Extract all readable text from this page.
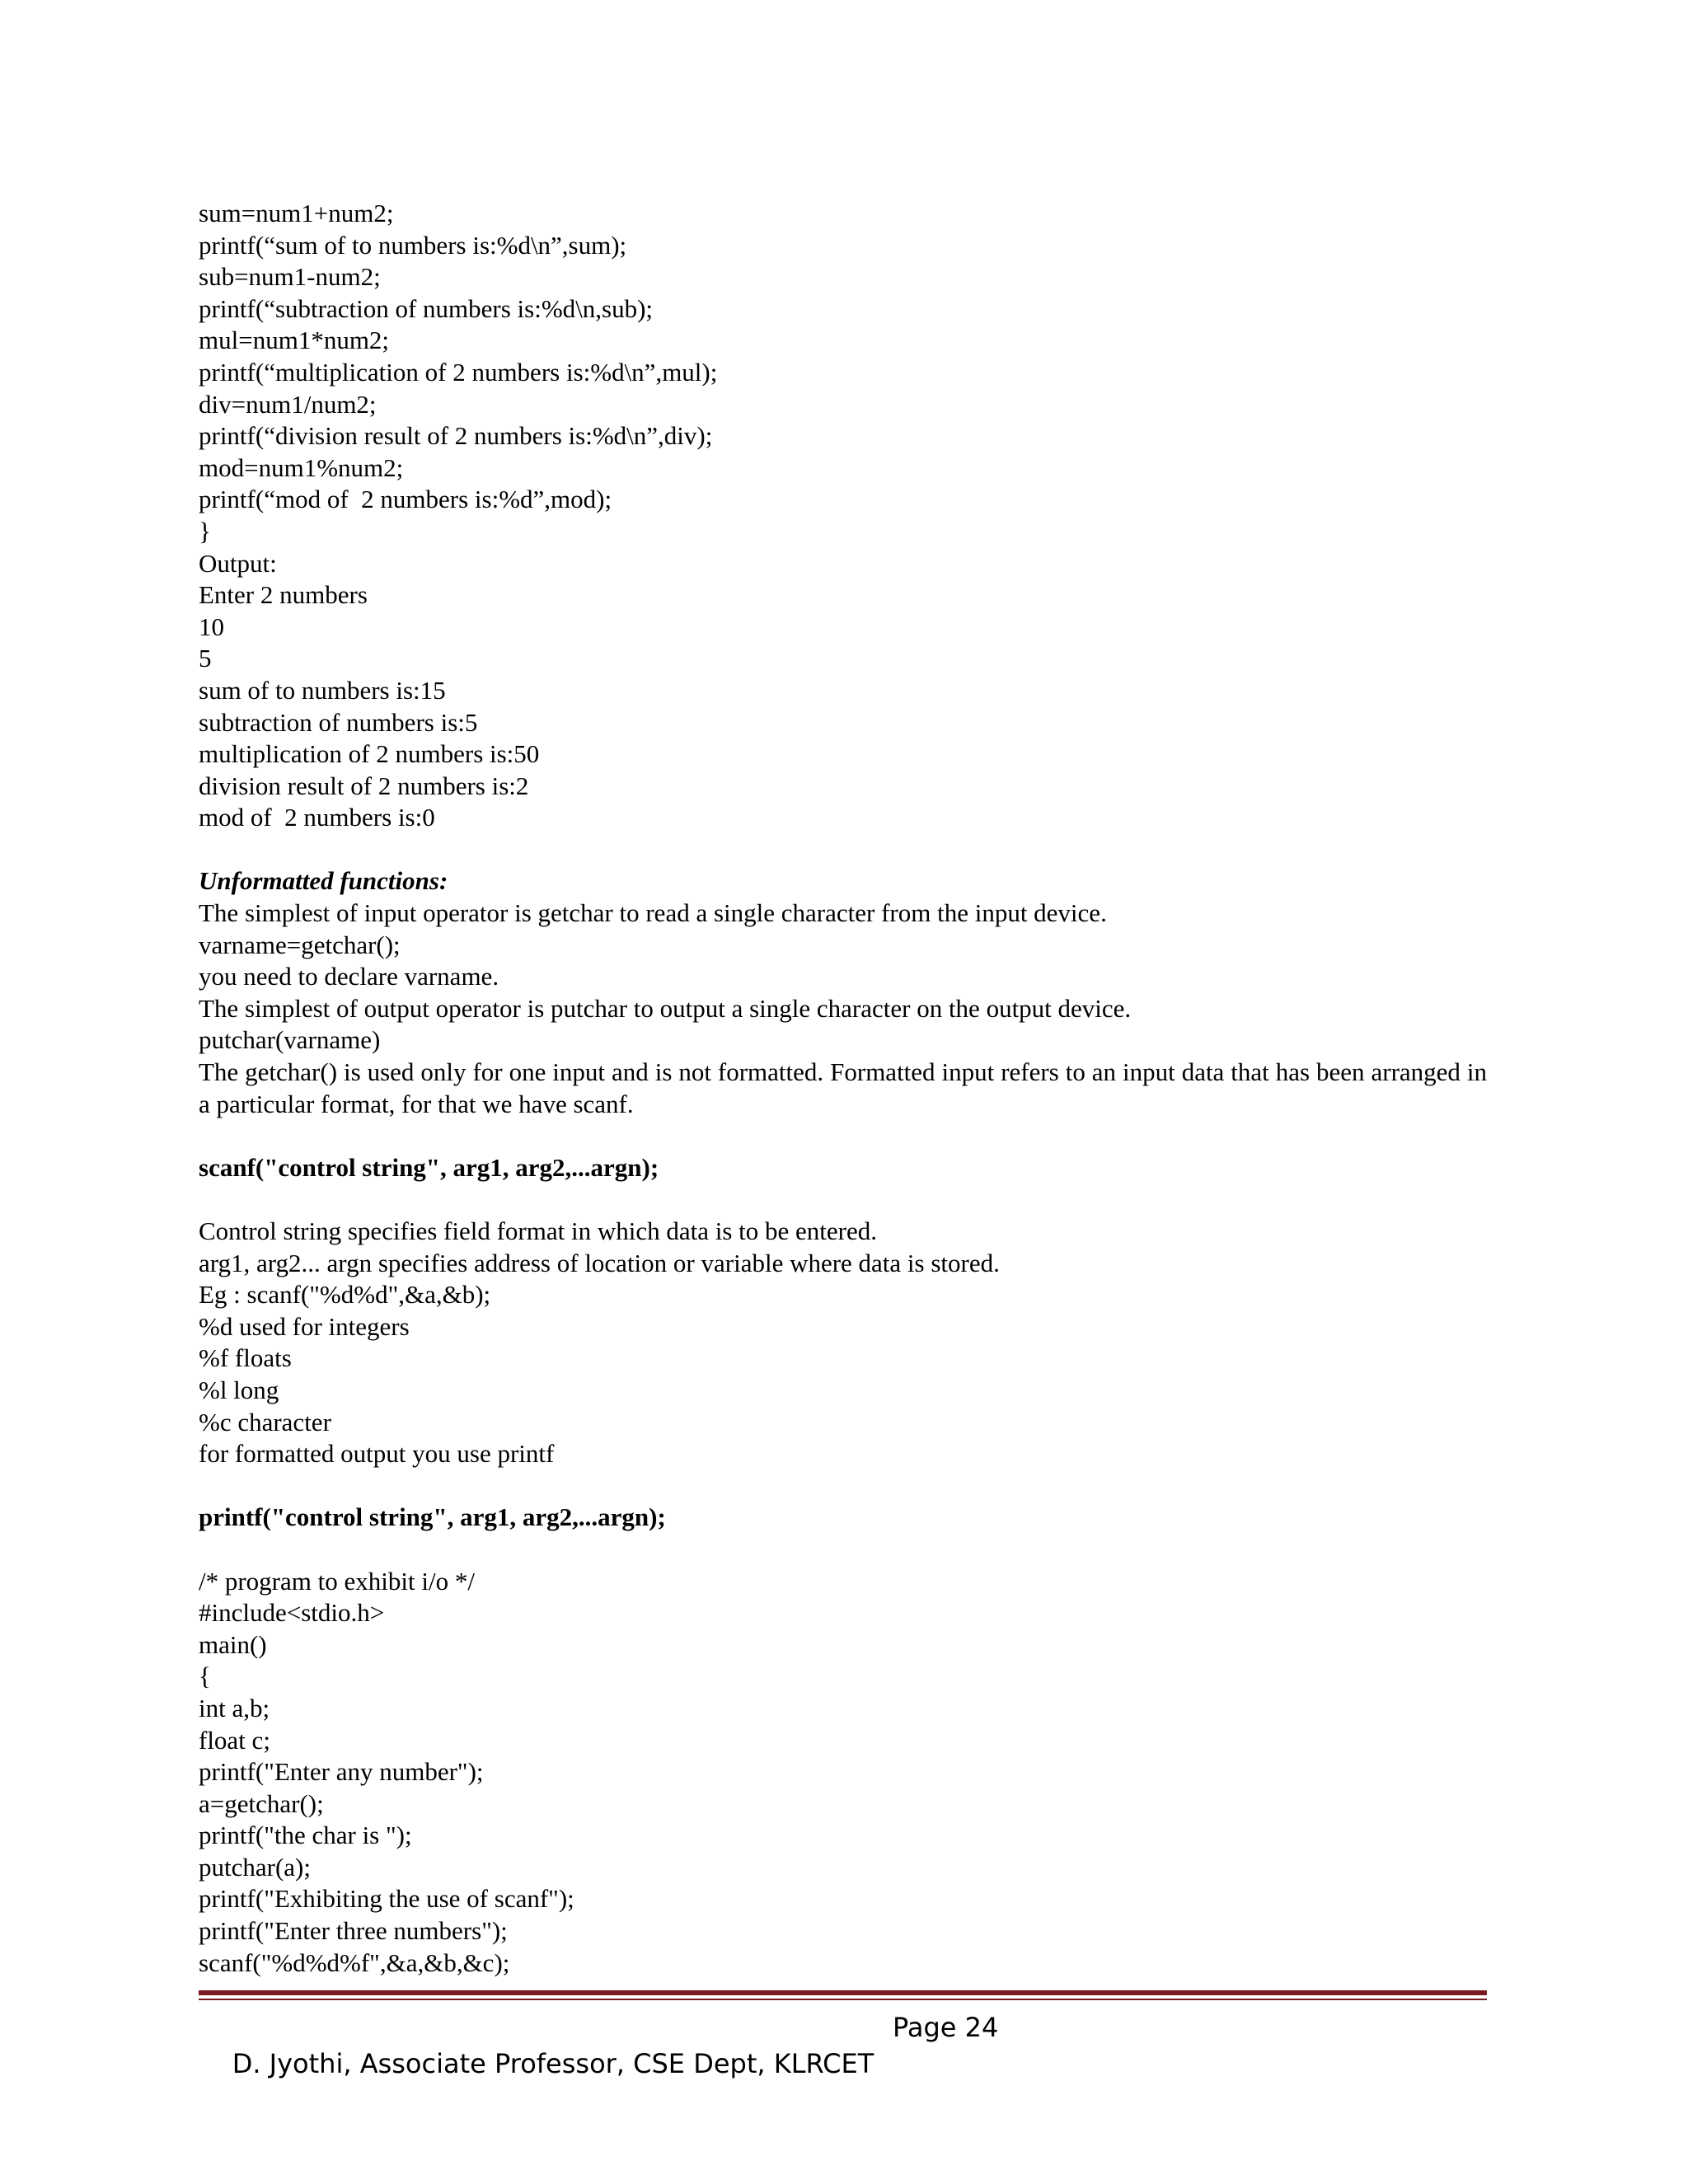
sum=num1+num2;
printf(“sum of to numbers is:%d\n”,sum);
sub=num1-num2;
printf(“subtraction of numbers is:%d\n,sub);
mul=num1*num2;
printf(“multiplication of 2 numbers is:%d\n”,mul);
div=num1/num2;
printf(“division result of 2 numbers is:%d\n”,div);
mod=num1%num2;
printf(“mod of  2 numbers is:%d”,mod);
}
Output:
Enter 2 numbers
10
5
sum of to numbers is:15
subtraction of numbers is:5
multiplication of 2 numbers is:50
division result of 2 numbers is:2
mod of  2 numbers is:0
Unformatted functions:
The simplest of input operator is getchar to read a single character from the input device.
varname=getchar();
you need to declare varname.
The simplest of output operator is putchar to output a single character on the output device.
putchar(varname)
The getchar() is used only for one input and is not formatted. Formatted input refers to an input data that has been arranged in a particular format, for that we have scanf.
scanf("control string", arg1, arg2,...argn);
Control string specifies field format in which data is to be entered.
arg1, arg2... argn specifies address of location or variable where data is stored.
Eg : scanf("%d%d",&a,&b);
%d used for integers
%f floats
%l long
%c character
for formatted output you use printf
printf("control string", arg1, arg2,...argn);
/* program to exhibit i/o */
#include<stdio.h>
main()
{
int a,b;
float c;
printf("Enter any number");
a=getchar();
printf("the char is ");
putchar(a);
printf("Exhibiting the use of scanf");
printf("Enter three numbers");
scanf("%d%d%f",&a,&b,&c);

D. Jyothi, Associate Professor, CSE Dept, KLRCET

Page 24
